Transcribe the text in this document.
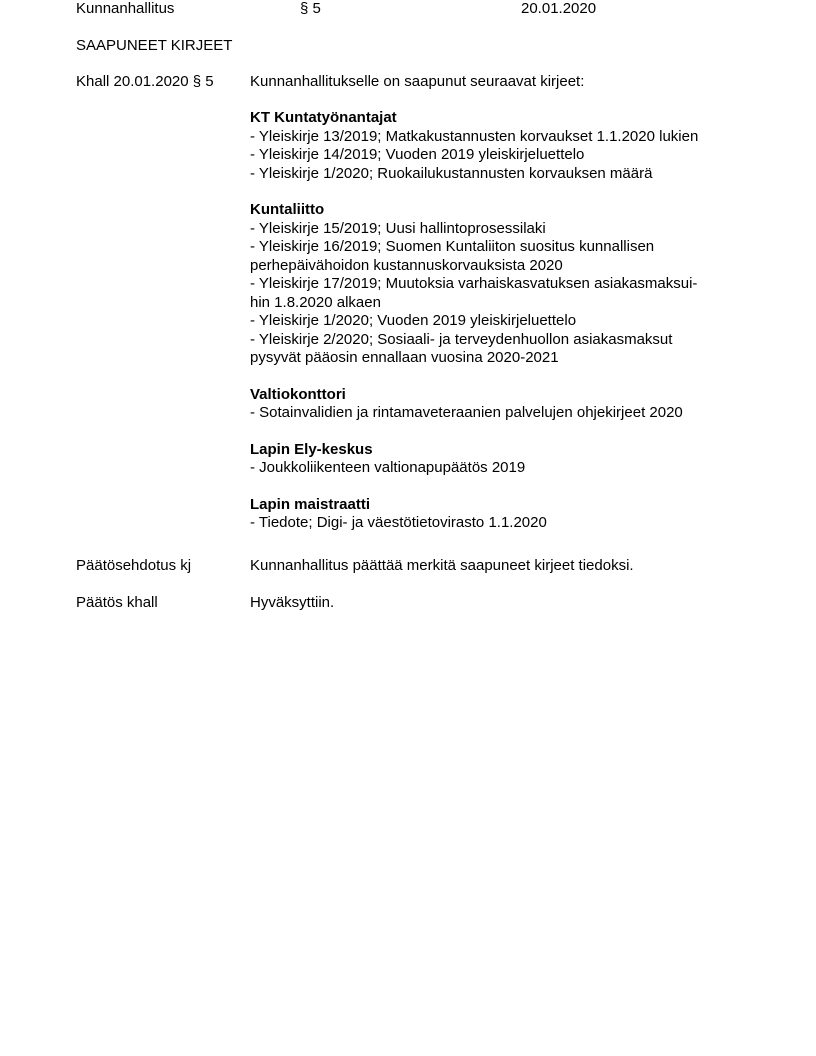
Kunnanhallitus	§ 5	20.01.2020
SAAPUNEET KIRJEET
Khall 20.01.2020 § 5 Kunnanhallitukselle on saapunut seuraavat kirjeet:
KT Kuntatyönantajat
- Yleiskirje 13/2019; Matkakustannusten korvaukset 1.1.2020 lukien
- Yleiskirje 14/2019; Vuoden 2019 yleiskirjeluettelo
- Yleiskirje 1/2020; Ruokailukustannusten korvauksen määrä
Kuntaliitto
- Yleiskirje 15/2019; Uusi hallintoprosessilaki
- Yleiskirje 16/2019; Suomen Kuntaliiton suositus kunnallisen
perhepäivähoidon kustannuskorvauksista 2020
- Yleiskirje 17/2019; Muutoksia varhaiskasvatuksen asiakasmaksui-
hin 1.8.2020 alkaen
- Yleiskirje 1/2020; Vuoden 2019 yleiskirjeluettelo
- Yleiskirje 2/2020; Sosiaali- ja terveydenhuollon asiakasmaksut
pysyvät pääosin ennallaan vuosina 2020-2021
Valtiokonttori
- Sotainvalidien ja rintamaveteraanien palvelujen ohjekirjeet 2020
Lapin Ely-keskus
- Joukkoliikenteen valtionapupäätös 2019
Lapin maistraatti
- Tiedote; Digi- ja väestötietovirasto 1.1.2020
Päätösehdotus kj	Kunnanhallitus päättää merkitä saapuneet kirjeet tiedoksi.
Päätös khall	Hyväksyttiin.
